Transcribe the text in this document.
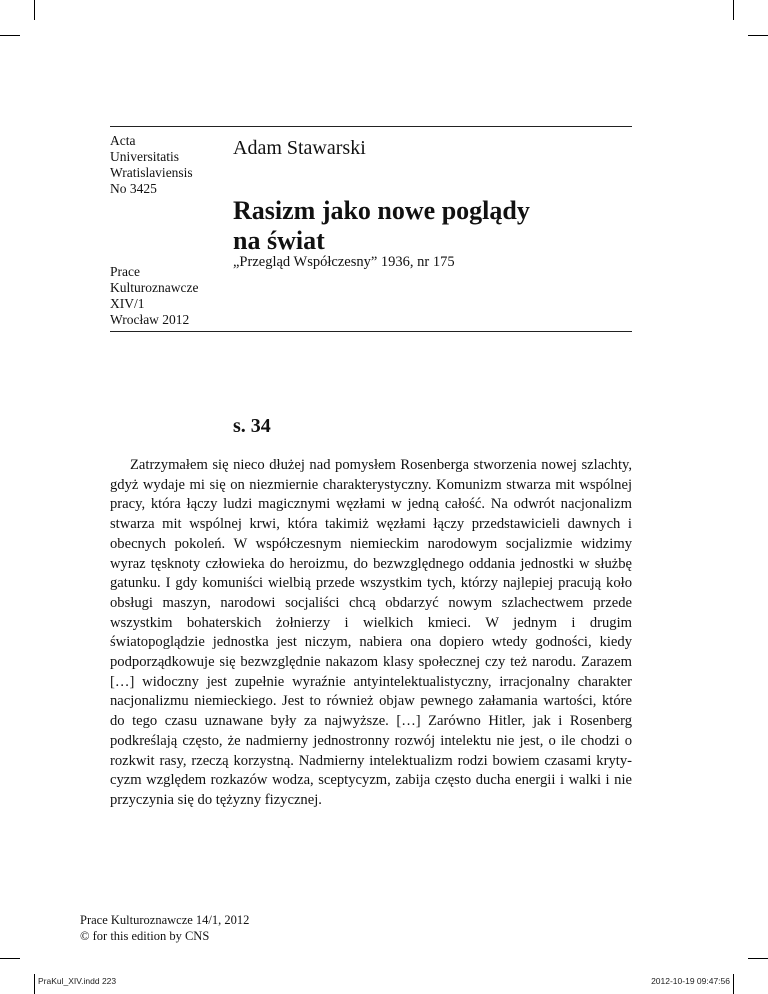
Acta
Universitatis
Wratislaviensis
No 3425
Prace
Kulturoznawcze
XIV/1
Wrocław 2012
Adam Stawarski
Rasizm jako nowe poglądy
na świat
„Przegląd Współczesny” 1936, nr 175
s. 34

Zatrzymałem się nieco dłużej nad pomysłem Rosenberga stworzenia nowej szlachty, gdyż wydaje mi się on niezmiernie charakterystyczny. Komunizm stwarza mit wspólnej pracy, która łączy ludzi magicznymi węzłami w jedną całość. Na odwrót nacjonalizm stwarza mit wspólnej krwi, która takimiż węzłami łączy przedstawicieli dawnych i obecnych pokoleń. W współczesnym niemieckim narodowym socjalizmie widzimy wyraz tęsknoty człowieka do heroizmu, do bezwzględnego oddania jednostki w służbę gatunku. I gdy komuniści wielbią przede wszystkim tych, którzy najlepiej pracują koło obsługi maszyn, narodowi socjaliści chcą obdarzyć nowym szlachectwem przede wszystkim bohaterskich żołnierzy i wielkich kmieci. W jednym i drugim światopoglądzie jednostka jest niczym, nabiera ona dopiero wtedy godności, kiedy podporządkowuje się bezwzględnie nakazom klasy społecznej czy też narodu. Zarazem […] widoczny jest zupełnie wyraźnie antyintelektualistyczny, irracjonalny charakter nacjonalizmu niemieckiego. Jest to również objaw pewnego załamania wartości, które do tego czasu uznawane były za najwyższe. […] Zarówno Hitler, jak i Rosenberg podkreślają często, że nadmierny jednostronny rozwój intelektu nie jest, o ile chodzi o rozkwit rasy, rzeczą korzystną. Nadmierny intelektualizm rodzi bowiem czasami krytycyzm względem rozkazów wodza, sceptycyzm, zabija często ducha energii i walki i nie przyczynia się do tężyzny fizycznej.

Prace Kulturoznawcze 14/1, 2012
© for this edition by CNS
PraKul_XIV.indd 223	2012-10-19 09:47:56
